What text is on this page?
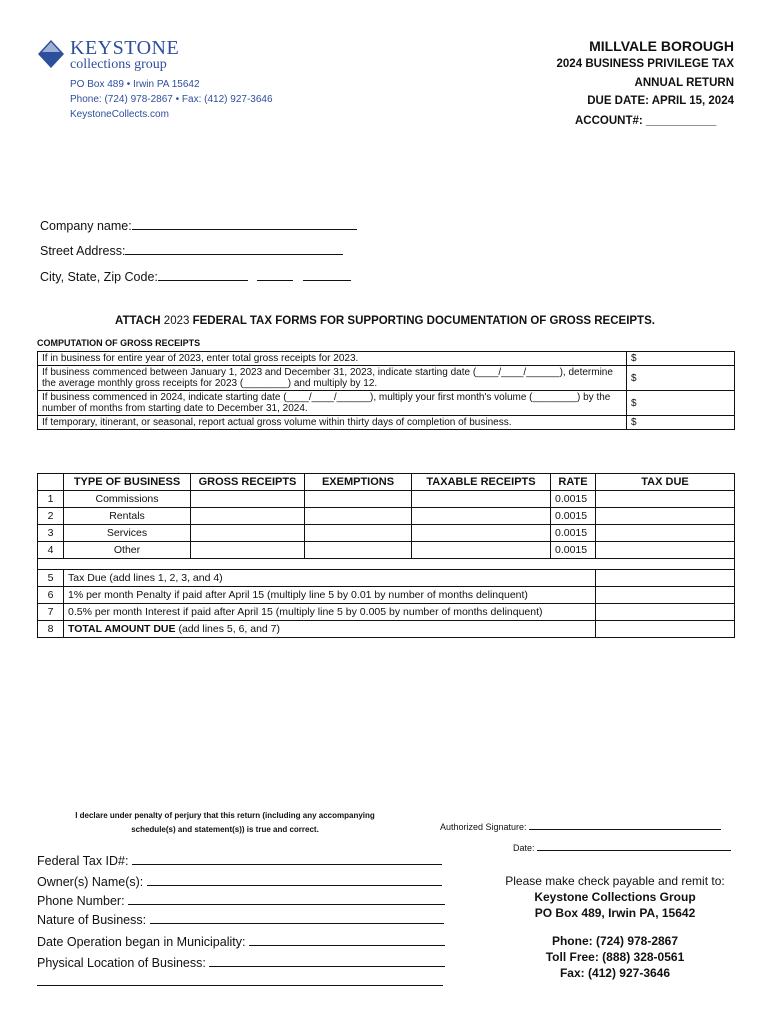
KEYSTONE
collections group
PO Box 489 • Irwin PA 15642
Phone: (724) 978-2867 • Fax: (412) 927-3646
KeystoneCollects.com
MILLVALE BOROUGH
2024 BUSINESS PRIVILEGE TAX
ANNUAL RETURN
DUE DATE: APRIL 15, 2024
ACCOUNT#: ___________
Company name:
Street Address:
City, State, Zip Code:
ATTACH 2023 FEDERAL TAX FORMS FOR SUPPORTING DOCUMENTATION OF GROSS RECEIPTS.
COMPUTATION OF GROSS RECEIPTS
If in business for entire year of 2023, enter total gross receipts for 2023.	$
If business commenced between January 1, 2023 and December 31, 2023, indicate starting date (____/____/______), determine the average monthly gross receipts for 2023 (________) and multiply by 12.	$
If business commenced in 2024, indicate starting date (____/____/______), multiply your first month's volume (________) by the number of months from starting date to December 31, 2024.	$
If temporary, itinerant, or seasonal, report actual gross volume within thirty days of completion of business.	$
	TYPE OF BUSINESS	GROSS RECEIPTS	EXEMPTIONS	TAXABLE RECEIPTS	RATE	TAX DUE
1	Commissions				0.0015	
2	Rentals				0.0015	
3	Services				0.0015	
4	Other				0.0015	

5	Tax Due (add lines 1, 2, 3, and 4)					
6	1% per month Penalty if paid after April 15 (multiply line 5 by 0.01 by number of months delinquent)					
7	0.5% per month Interest if paid after April 15 (multiply line 5 by 0.005 by number of months delinquent)					
8	TOTAL AMOUNT DUE (add lines 5, 6, and 7)					
I declare under penalty of perjury that this return (including any accompanying
schedule(s) and statement(s)) is true and correct.	Authorized Signature:
Date:
Federal Tax ID#:
Owner(s) Name(s):
Phone Number:
Nature of Business:
Date Operation began in Municipality:
Physical Location of Business:
Please make check payable and remit to:
Keystone Collections Group
PO Box 489, Irwin PA, 15642
Phone: (724) 978-2867
Toll Free: (888) 328-0561
Fax: (412) 927-3646
